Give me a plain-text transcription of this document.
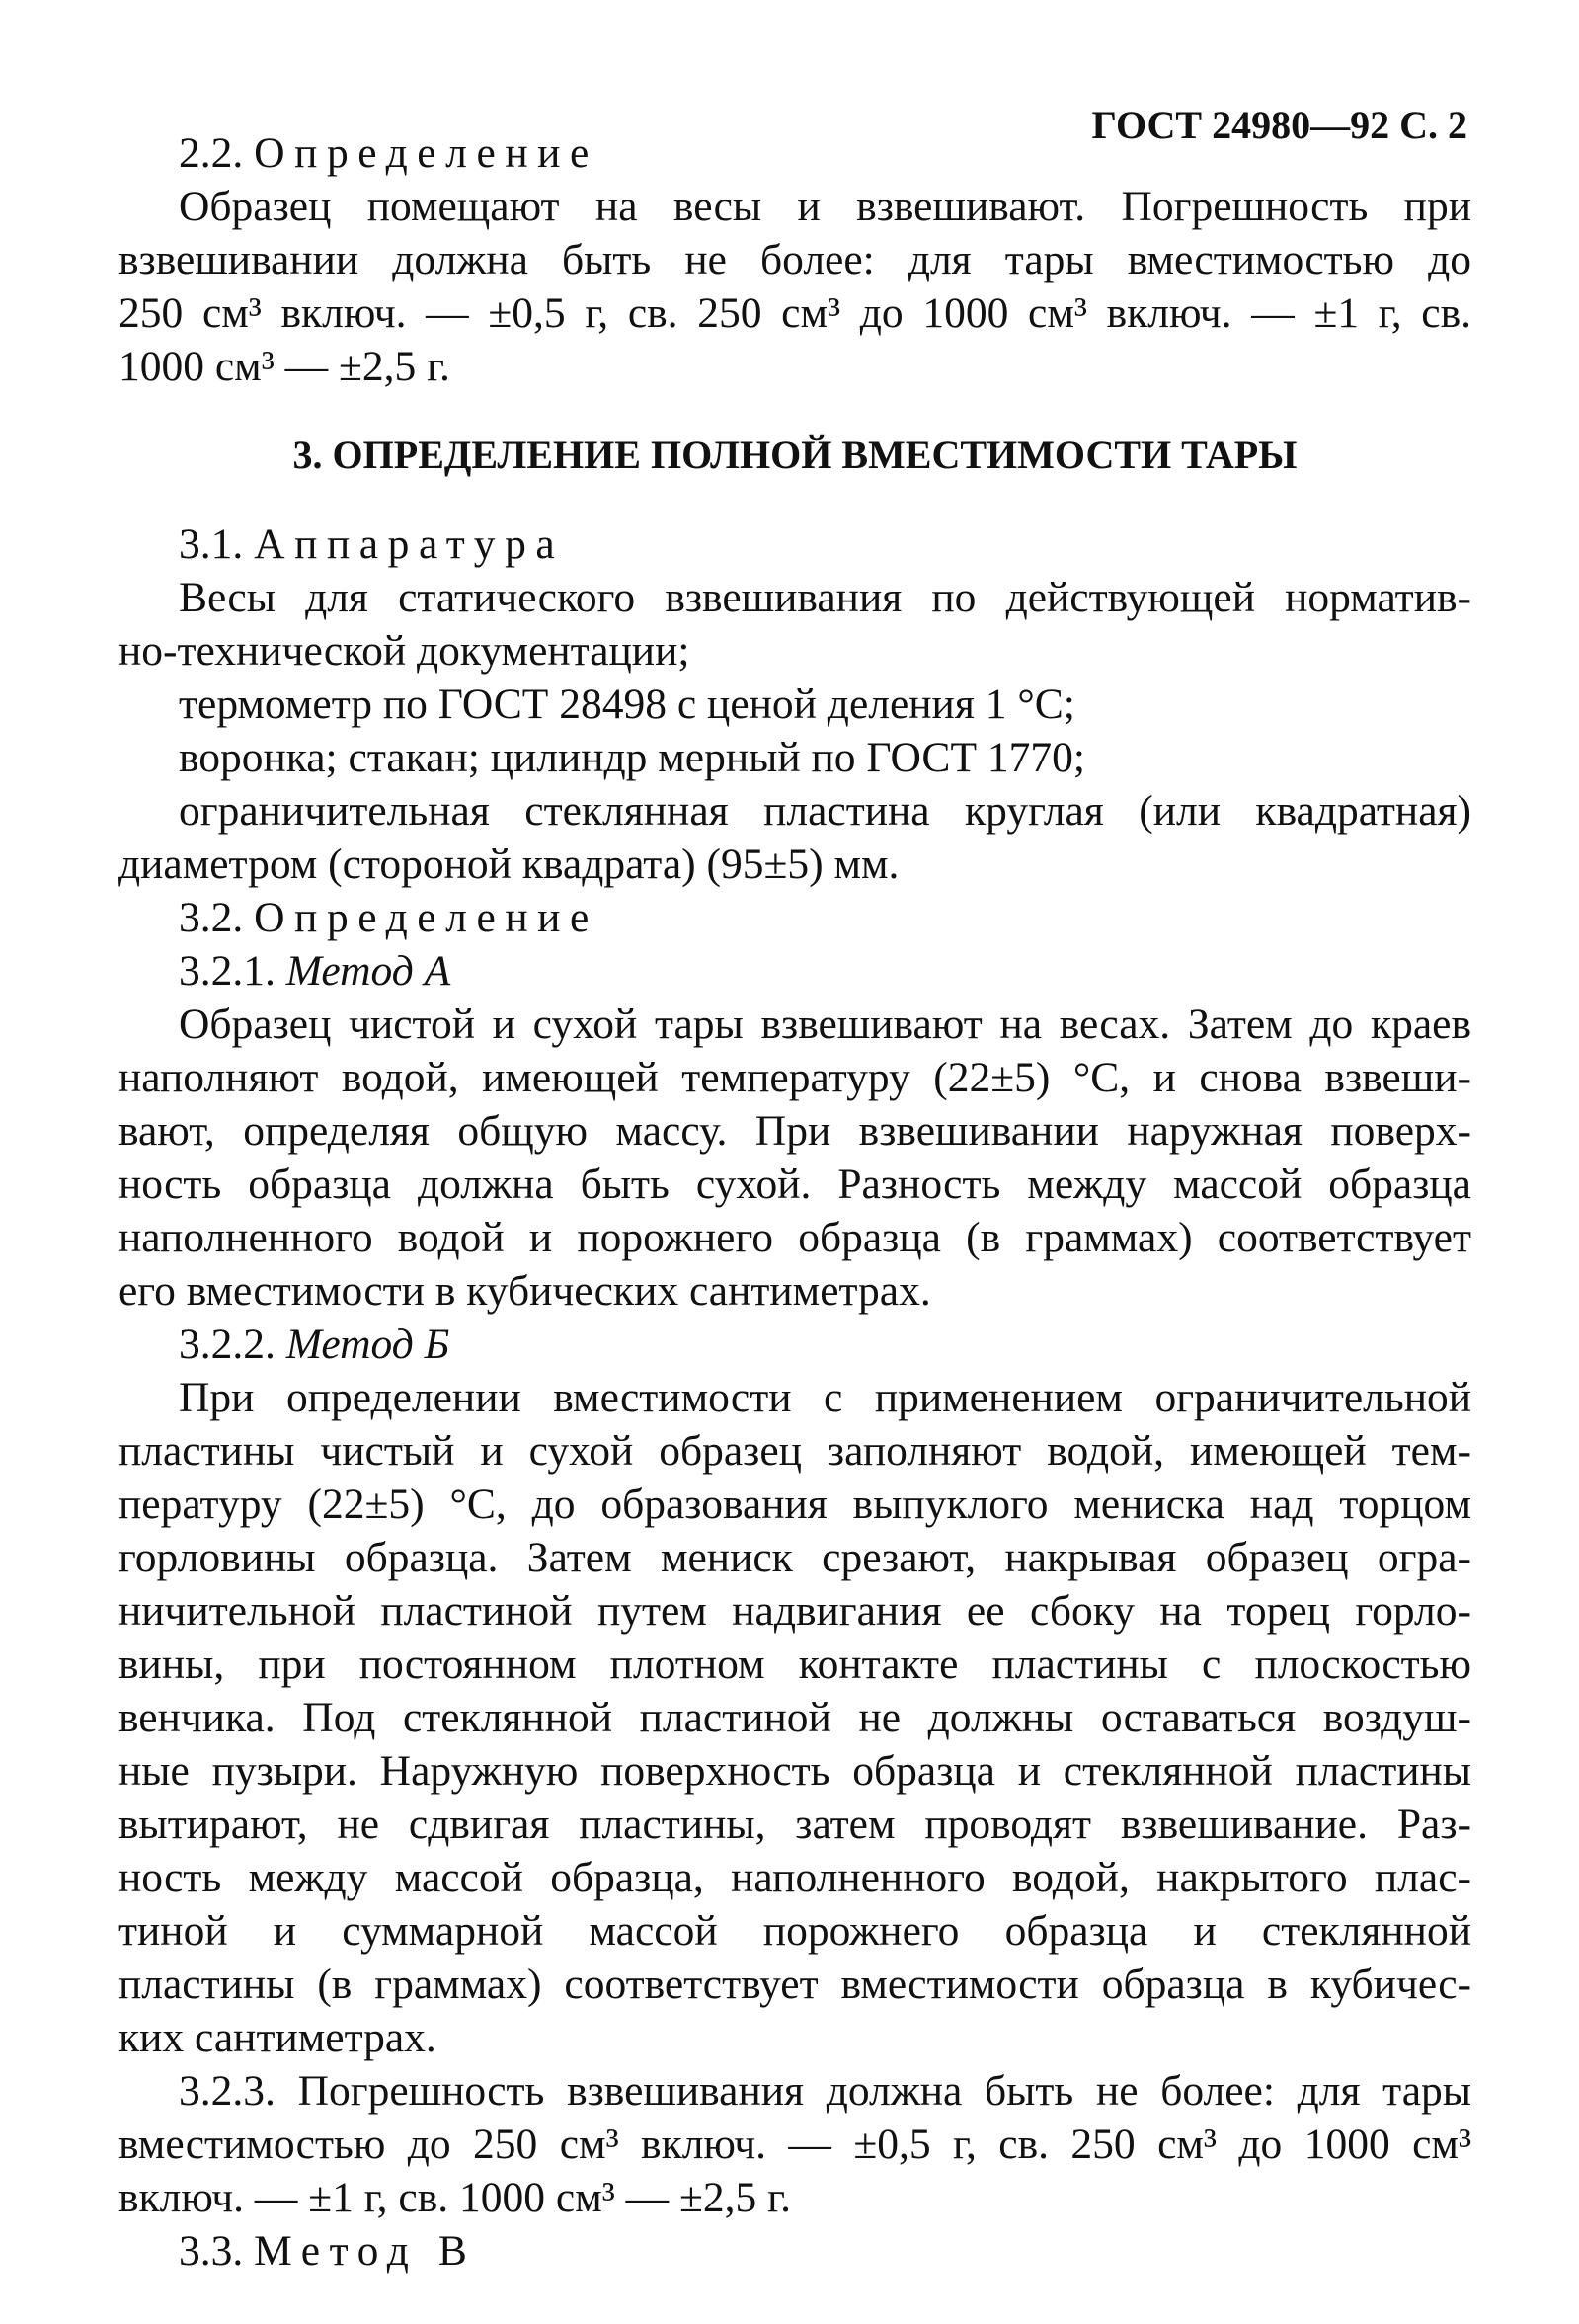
ГОСТ 24980—92 С. 2
2.2. Определение
Образец помещают на весы и взвешивают. Погрешность при
взвешивании должна быть не более: для тары вместимостью до
250 см³ включ. — ±0,5 г, св. 250 см³ до 1000 см³ включ. — ±1 г, св.
1000 см³ — ±2,5 г.
3. ОПРЕДЕЛЕНИЕ ПОЛНОЙ ВМЕСТИМОСТИ ТАРЫ
3.1. Аппаратура
Весы для статического взвешивания по действующей норматив-
но-технической документации;
термометр по ГОСТ 28498 с ценой деления 1 °С;
воронка; стакан; цилиндр мерный по ГОСТ 1770;
ограничительная стеклянная пластина круглая (или квадратная)
диаметром (стороной квадрата) (95±5) мм.
3.2. Определение
3.2.1. Метод А
Образец чистой и сухой тары взвешивают на весах. Затем до краев
наполняют водой, имеющей температуру (22±5) °С, и снова взвеши-
вают, определяя общую массу. При взвешивании наружная поверх-
ность образца должна быть сухой. Разность между массой образца
наполненного водой и порожнего образца (в граммах) соответствует
его вместимости в кубических сантиметрах.
3.2.2. Метод Б
При определении вместимости с применением ограничительной
пластины чистый и сухой образец заполняют водой, имеющей тем-
пературу (22±5) °С, до образования выпуклого мениска над торцом
горловины образца. Затем мениск срезают, накрывая образец огра-
ничительной пластиной путем надвигания ее сбоку на торец горло-
вины, при постоянном плотном контакте пластины с плоскостью
венчика. Под стеклянной пластиной не должны оставаться воздуш-
ные пузыри. Наружную поверхность образца и стеклянной пластины
вытирают, не сдвигая пластины, затем проводят взвешивание. Раз-
ность между массой образца, наполненного водой, накрытого плас-
тиной и суммарной массой порожнего образца и стеклянной
пластины (в граммах) соответствует вместимости образца в кубичес-
ких сантиметрах.
3.2.3. Погрешность взвешивания должна быть не более: для тары
вместимостью до 250 см³ включ. — ±0,5 г, св. 250 см³ до 1000 см³
включ. — ±1 г, св. 1000 см³ — ±2,5 г.
3.3. Метод В
